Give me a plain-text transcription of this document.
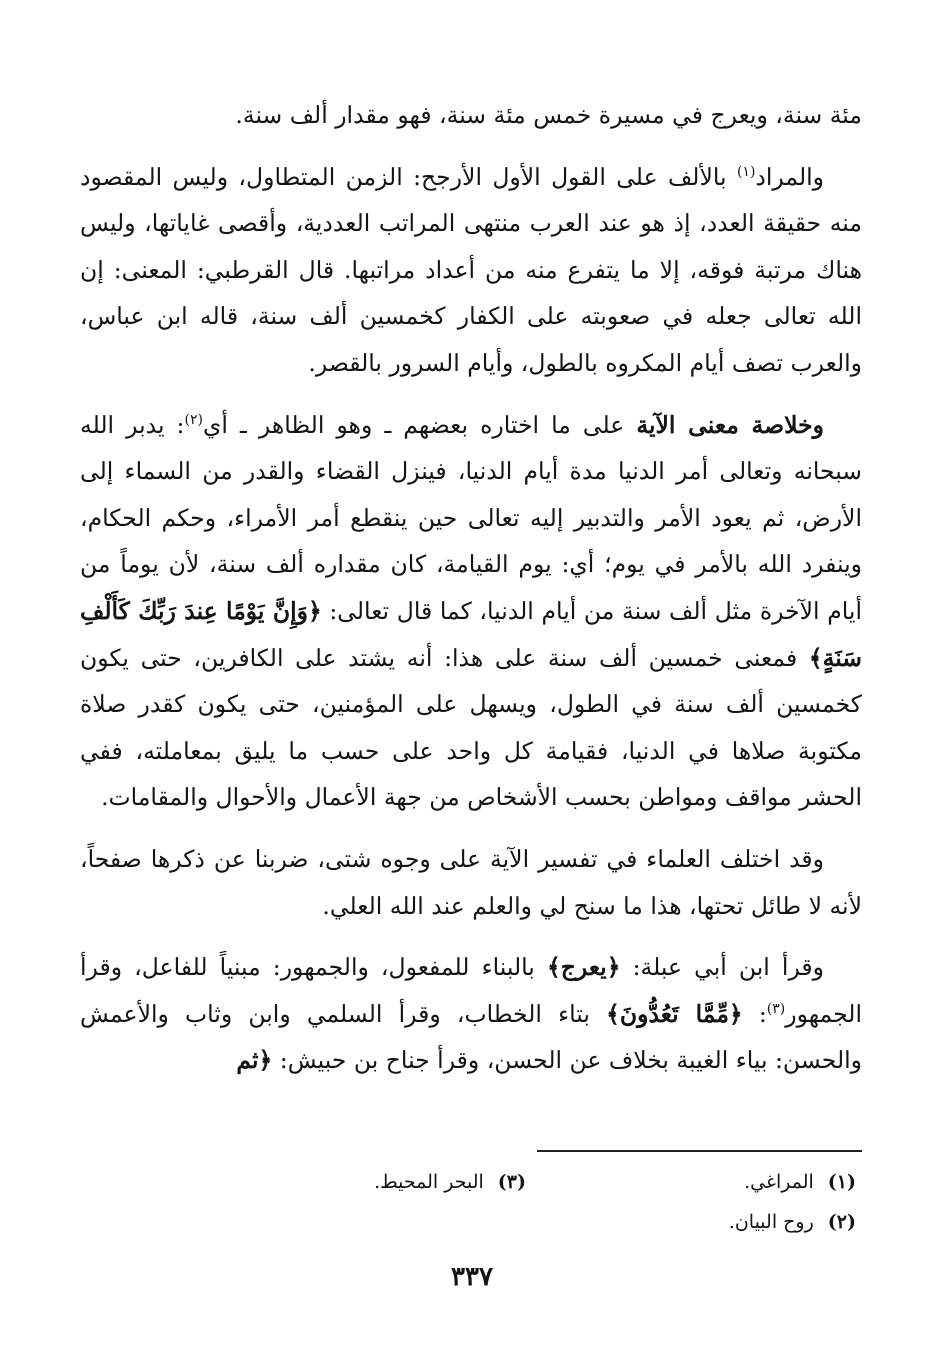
مئة سنة، ويعرج في مسيرة خمس مئة سنة، فهو مقدار ألف سنة.

والمراد$^{(١)}$ بالألف على القول الأول الأرجح: الزمن المتطاول، وليس المقصود منه حقيقة العدد، إذ هو عند العرب منتهى المراتب العددية، وأقصى غاياتها، وليس هناك مرتبة فوقه، إلا ما يتفرع منه من أعداد مراتبها. قال القرطبي: المعنى: إن الله تعالى جعله في صعوبته على الكفار كخمسين ألف سنة، قاله ابن عباس، والعرب تصف أيام المكروه بالطول، وأيام السرور بالقصر.

وخلاصة معنى الآية على ما اختاره بعضهم ـ وهو الظاهر ـ أي$^{(٢)}$: يدبر الله سبحانه وتعالى أمر الدنيا مدة أيام الدنيا، فينزل القضاء والقدر من السماء إلى الأرض، ثم يعود الأمر والتدبير إليه تعالى حين ينقطع أمر الأمراء، وحكم الحكام، وينفرد الله بالأمر في يوم؛ أي: يوم القيامة، كان مقداره ألف سنة، لأن يوماً من أيام الآخرة مثل ألف سنة من أيام الدنيا، كما قال تعالى: ﴿وَإِنَّ يَوْمًا عِندَ رَبِّكَ كَأَلْفِ سَنَةٍ﴾ فمعنى خمسين ألف سنة على هذا: أنه يشتد على الكافرين، حتى يكون كخمسين ألف سنة في الطول، ويسهل على المؤمنين، حتى يكون كقدر صلاة مكتوبة صلاها في الدنيا، فقيامة كل واحد على حسب ما يليق بمعاملته، ففي الحشر مواقف ومواطن بحسب الأشخاص من جهة الأعمال والأحوال والمقامات.

وقد اختلف العلماء في تفسير الآية على وجوه شتى، ضربنا عن ذكرها صفحاً، لأنه لا طائل تحتها، هذا ما سنح لي والعلم عند الله العلي.

وقرأ ابن أبي عبلة: ﴿يعرج﴾ بالبناء للمفعول، والجمهور: مبنياً للفاعل، وقرأ الجمهور$^{(٣)}$: ﴿مِّمَّا تَعُدُّونَ﴾ بتاء الخطاب، وقرأ السلمي وابن وثاب والأعمش والحسن: بياء الغيبة بخلاف عن الحسن، وقرأ جناح بن حبيش: ﴿ثم

(١)المراغي.
(٣)البحر المحيط.
(٢)روح البيان.
٣٣٧
